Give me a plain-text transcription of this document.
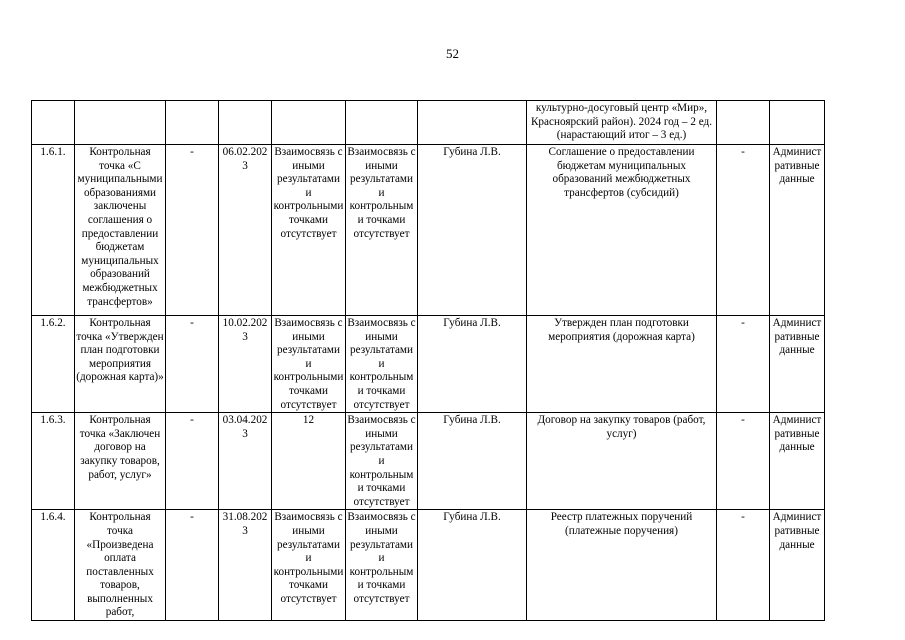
52
							культурно-досуговый центр «Мир», Красноярский район). 2024 год – 2 ед. (нарастающий итог – 3 ед.)		
1.6.1.	Контрольная точка «С муниципальными образованиями заключены соглашения о предоставлении бюджетам муниципальных образований межбюджетных трансфертов»	-	06.02.2023	Взаимосвязь с иными результатами и контрольными точками отсутствует	Взаимосвязь с иными результатами и контрольными точками отсутствует	Губина Л.В.	Соглашение о предоставлении бюджетам муниципальных образований межбюджетных трансфертов (субсидий)	-	Административные данные
1.6.2.	Контрольная точка «Утвержден план подготовки мероприятия (дорожная карта)»	-	10.02.2023	Взаимосвязь с иными результатами и контрольными точками отсутствует	Взаимосвязь с иными результатами и контрольными точками отсутствует	Губина Л.В.	Утвержден план подготовки мероприятия (дорожная карта)	-	Административные данные
1.6.3.	Контрольная точка «Заключен договор на закупку товаров, работ, услуг»	-	03.04.2023	12	Взаимосвязь с иными результатами и контрольными точками отсутствует	Губина Л.В.	Договор на закупку товаров (работ, услуг)	-	Административные данные
1.6.4.	Контрольная точка «Произведена оплата поставленных товаров, выполненных работ,	-	31.08.2023	Взаимосвязь с иными результатами и контрольными точками отсутствует	Взаимосвязь с иными результатами и контрольными точками отсутствует	Губина Л.В.	Реестр платежных поручений (платежные поручения)	-	Административные данные
